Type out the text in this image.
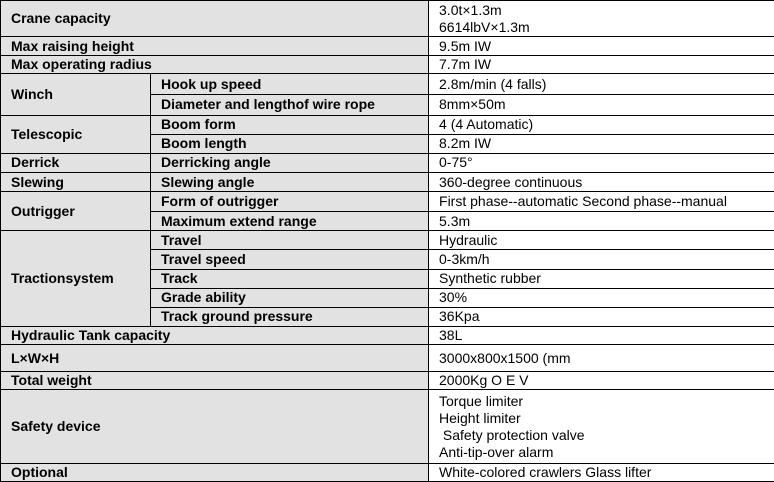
Crane capacity		3.0t×1.3m
6614lbV×1.3m

Max raising height		9.5m IW
Max operating radius		7.7m IW
Winch	Hook up speed	2.8m/min (4 falls)
	Diameter and lengthof wire rope	8mm×50m
Telescopic	Boom form	4 (4 Automatic)
	Boom length	8.2m IW
Derrick	Derricking angle	0-75°
Slewing	Slewing angle	360-degree continuous
Outrigger	Form of outrigger	First phase--automatic Second phase--manual
	Maximum extend range	5.3m
Tractionsystem	Travel	Hydraulic
	Travel speed	0-3km/h
	Track	Synthetic rubber
	Grade ability	30%
	Track ground pressure	36Kpa
Hydraulic Tank capacity		38L
L×W×H		3000x800x1500 (mm
Total weight		2000Kg O E V
Safety device		Torque limiter
Height limiter
Safety protection valve
Anti-tip-over alarm

Optional		White-colored crawlers Glass lifter
